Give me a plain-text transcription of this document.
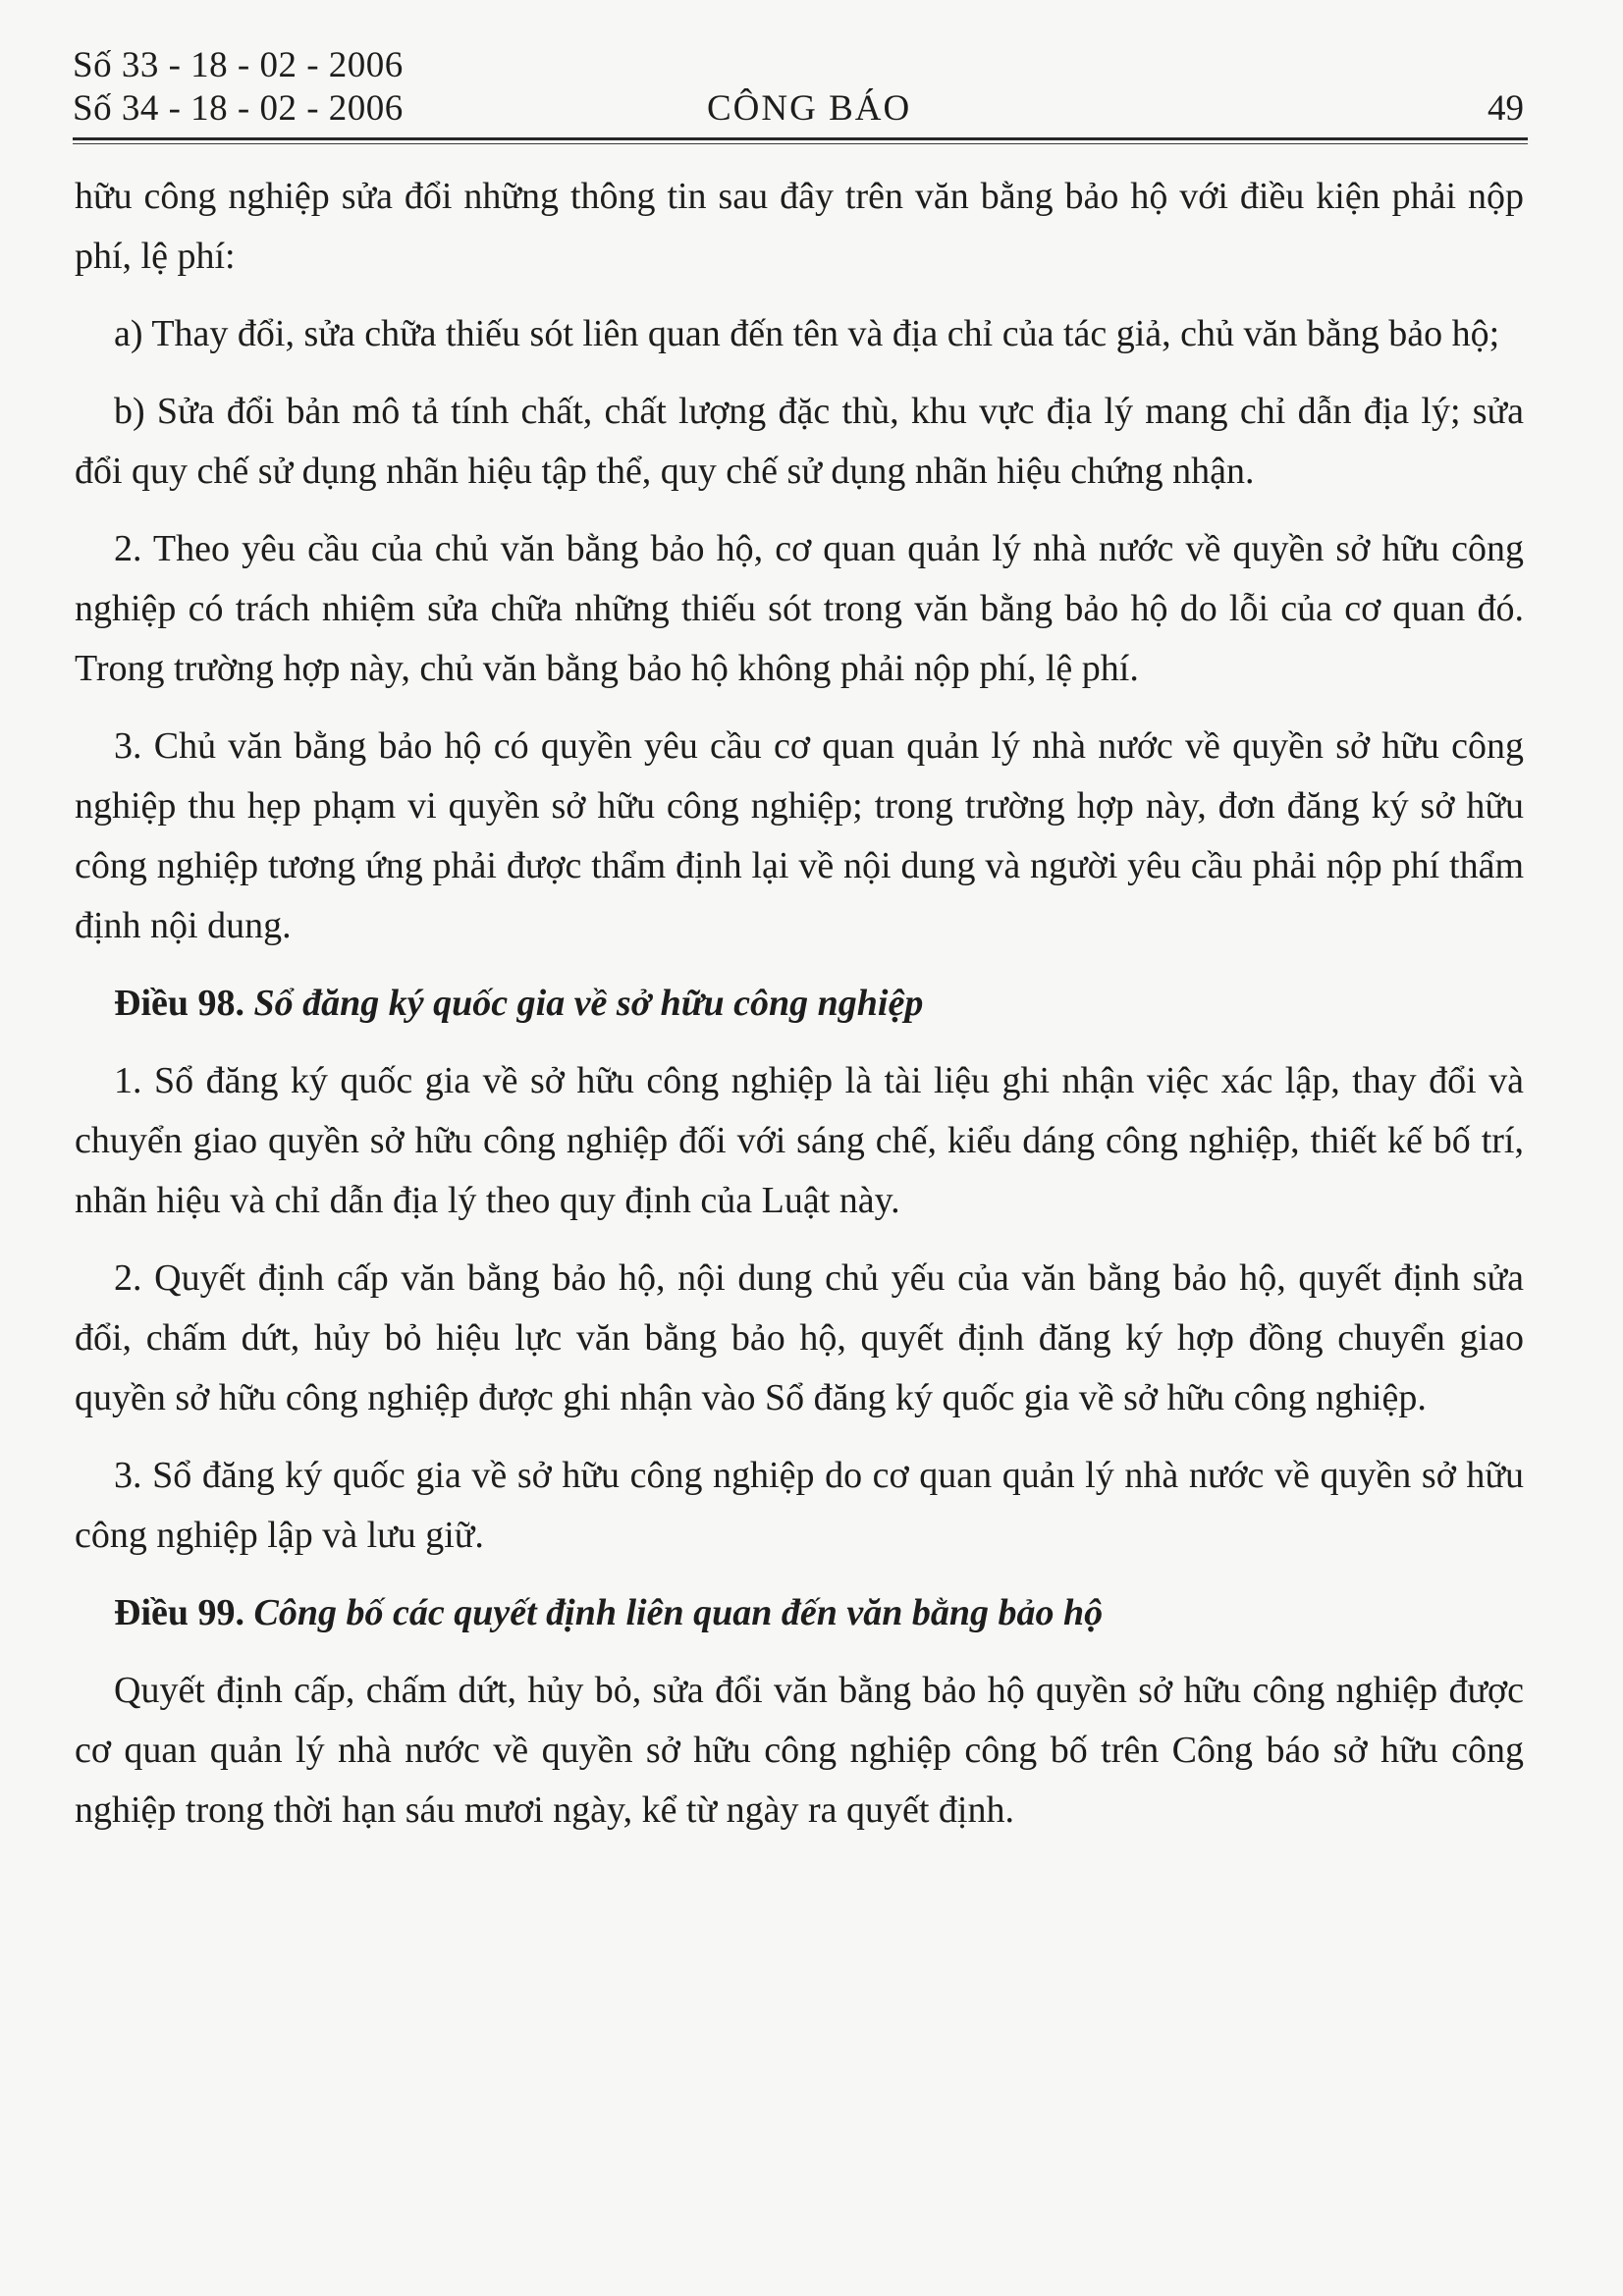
Số 33 - 18 - 02 - 2006
Số 34 - 18 - 02 - 2006	CÔNG BÁO	49

hữu công nghiệp sửa đổi những thông tin sau đây trên văn bằng bảo hộ với điều kiện phải nộp phí, lệ phí:

a) Thay đổi, sửa chữa thiếu sót liên quan đến tên và địa chỉ của tác giả, chủ văn bằng bảo hộ;

b) Sửa đổi bản mô tả tính chất, chất lượng đặc thù, khu vực địa lý mang chỉ dẫn địa lý; sửa đổi quy chế sử dụng nhãn hiệu tập thể, quy chế sử dụng nhãn hiệu chứng nhận.

2. Theo yêu cầu của chủ văn bằng bảo hộ, cơ quan quản lý nhà nước về quyền sở hữu công nghiệp có trách nhiệm sửa chữa những thiếu sót trong văn bằng bảo hộ do lỗi của cơ quan đó. Trong trường hợp này, chủ văn bằng bảo hộ không phải nộp phí, lệ phí.

3. Chủ văn bằng bảo hộ có quyền yêu cầu cơ quan quản lý nhà nước về quyền sở hữu công nghiệp thu hẹp phạm vi quyền sở hữu công nghiệp; trong trường hợp này, đơn đăng ký sở hữu công nghiệp tương ứng phải được thẩm định lại về nội dung và người yêu cầu phải nộp phí thẩm định nội dung.

Điều 98. Sổ đăng ký quốc gia về sở hữu công nghiệp

1. Sổ đăng ký quốc gia về sở hữu công nghiệp là tài liệu ghi nhận việc xác lập, thay đổi và chuyển giao quyền sở hữu công nghiệp đối với sáng chế, kiểu dáng công nghiệp, thiết kế bố trí, nhãn hiệu và chỉ dẫn địa lý theo quy định của Luật này.

2. Quyết định cấp văn bằng bảo hộ, nội dung chủ yếu của văn bằng bảo hộ, quyết định sửa đổi, chấm dứt, hủy bỏ hiệu lực văn bằng bảo hộ, quyết định đăng ký hợp đồng chuyển giao quyền sở hữu công nghiệp được ghi nhận vào Sổ đăng ký quốc gia về sở hữu công nghiệp.

3. Sổ đăng ký quốc gia về sở hữu công nghiệp do cơ quan quản lý nhà nước về quyền sở hữu công nghiệp lập và lưu giữ.

Điều 99. Công bố các quyết định liên quan đến văn bằng bảo hộ

Quyết định cấp, chấm dứt, hủy bỏ, sửa đổi văn bằng bảo hộ quyền sở hữu công nghiệp được cơ quan quản lý nhà nước về quyền sở hữu công nghiệp công bố trên Công báo sở hữu công nghiệp trong thời hạn sáu mươi ngày, kể từ ngày ra quyết định.
